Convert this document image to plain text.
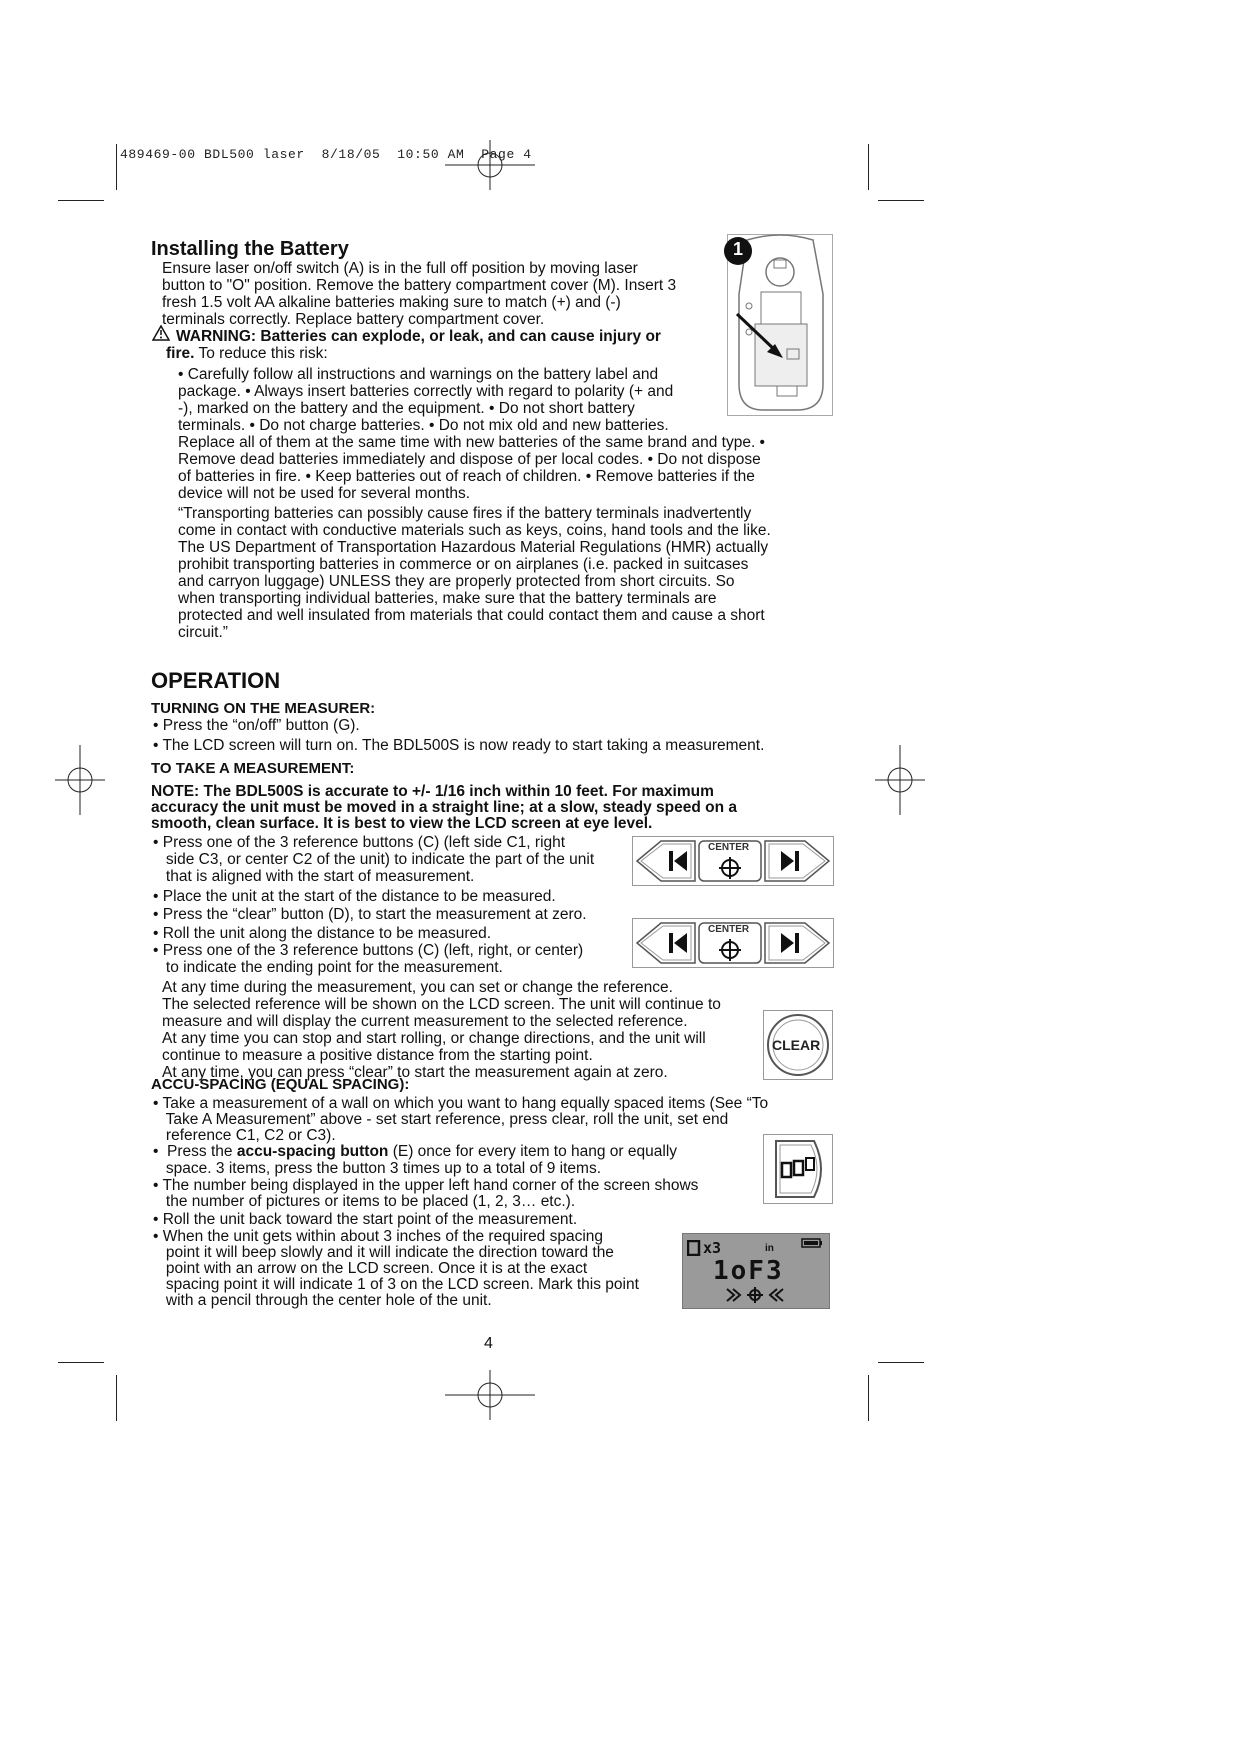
489469-00 BDL500 laser  8/18/05  10:50 AM  Page 4
Installing the Battery

Ensure laser on/off switch (A) is in the full off position by moving laser

button to "O" position. Remove the battery compartment cover (M). Insert 3

fresh 1.5 volt AA alkaline batteries making sure to match (+) and (-)

terminals correctly. Replace battery compartment cover.

WARNING: Batteries can explode, or leak, and can cause injury or

fire. To reduce this risk:

• Carefully follow all instructions and warnings on the battery label and

package. • Always insert batteries correctly with regard to polarity (+ and

-), marked on the battery and the equipment. • Do not short battery

terminals. • Do not charge batteries. • Do not mix old and new batteries.

Replace all of them at the same time with new batteries of the same brand and type. •

Remove dead batteries immediately and dispose of per local codes. • Do not dispose

of batteries in fire. • Keep batteries out of reach of children. • Remove batteries if the

device will not be used for several months.

“Transporting batteries can possibly cause fires if the battery terminals inadvertently

come in contact with conductive materials such as keys, coins, hand tools and the like.

The US Department of Transportation Hazardous Material Regulations (HMR) actually

prohibit transporting batteries in commerce or on airplanes (i.e. packed in suitcases

and carryon luggage) UNLESS they are properly protected from short circuits. So

when transporting individual batteries, make sure that the battery terminals are

protected and well insulated from materials that could contact them and cause a short

circuit.”

1
OPERATION

TURNING ON THE MEASURER:

• Press the “on/off” button (G).

• The LCD screen will turn on. The BDL500S is now ready to start taking a measurement.

TO TAKE A MEASUREMENT:

NOTE: The BDL500S is accurate to +/- 1/16 inch within 10 feet. For maximum

accuracy the unit must be moved in a straight line; at a slow, steady speed on a

smooth, clean surface. It is best to view the LCD screen at eye level.

• Press one of the 3 reference buttons (C) (left side C1, right

side C3, or center C2 of the unit) to indicate the part of the unit

that is aligned with the start of measurement.

• Place the unit at the start of the distance to be measured.

• Press the “clear” button (D), to start the measurement at zero.

• Roll the unit along the distance to be measured.

• Press one of the 3 reference buttons (C) (left, right, or center)

to indicate the ending point for the measurement.

At any time during the measurement, you can set or change the reference.

The selected reference will be shown on the LCD screen. The unit will continue to

measure and will display the current measurement to the selected reference.

At any time you can stop and start rolling, or change directions, and the unit will

continue to measure a positive distance from the starting point.

At any time, you can press “clear” to start the measurement again at zero.

CENTER
CENTER
CLEAR

ACCU-SPACING (EQUAL SPACING):

• Take a measurement of a wall on which you want to hang equally spaced items (See “To

Take A Measurement” above - set start reference, press clear, roll the unit, set end

reference C1, C2 or C3).

•  Press the accu-spacing button (E) once for every item to hang or equally

space. 3 items, press the button 3 times up to a total of 9 items.

• The number being displayed in the upper left hand corner of the screen shows

the number of pictures or items to be placed (1, 2, 3… etc.).

• Roll the unit back toward the start point of the measurement.

• When the unit gets within about 3 inches of the required spacing

point it will beep slowly and it will indicate the direction toward the

point with an arrow on the LCD screen. Once it is at the exact

spacing point it will indicate 1 of 3 on the LCD screen. Mark this point

with a pencil through the center hole of the unit.

x3	in
1oF3
4
